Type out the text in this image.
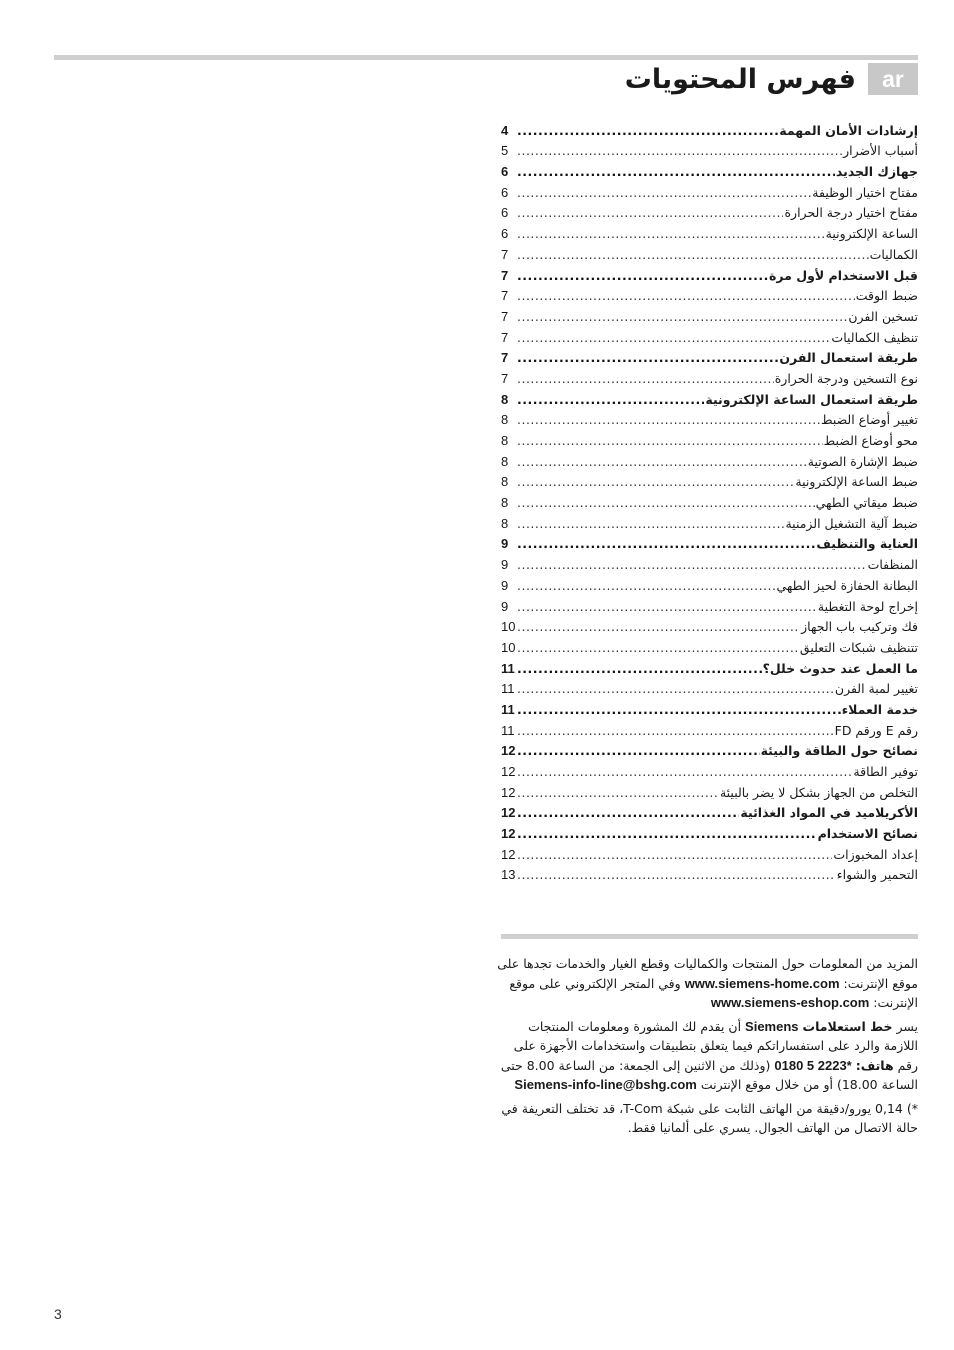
ar
فهرس المحتويات
إرشادات الأمان المهمة
.....
4
أسباب الأضرار
.....
5
جهازك الجديد
.....
6
مفتاح اختيار الوظيفة
.....
6
مفتاح اختيار درجة الحرارة
.....
6
الساعة الإلكترونية
.....
6
الكماليات
.....
7
قبل الاستخدام لأول مرة
.....
7
ضبط الوقت
.....
7
تسخين الفرن
.....
7
تنظيف الكماليات
.....
7
طريقة استعمال الفرن
.....
7
نوع التسخين ودرجة الحرارة
.....
7
طريقة استعمال الساعة الإلكترونية
.....
8
تغيير أوضاع الضبط
.....
8
محو أوضاع الضبط
.....
8
ضبط الإشارة الصوتية
.....
8
ضبط الساعة الإلكترونية
.....
8
ضبط ميقاتي الطهي
.....
8
ضبط آلية التشغيل الزمنية
.....
8
العناية والتنظيف
.....
9
المنظفات
.....
9
البطانة الحفازة لحيز الطهي
.....
9
إخراج لوحة التغطية
.....
9
فك وتركيب باب الجهاز
.....
10
تتنظيف شبكات التعليق
.....
10
ما العمل عند حدوث خلل؟
.....
11
تغيير لمبة الفرن
.....
11
خدمة العملاء
.....
11
رقم E ورقم FD
.....
11
نصائح حول الطاقة والبيئة
.....
12
توفير الطاقة
.....
12
التخلص من الجهاز بشكل لا يضر بالبيئة
.....
12
الأكريلاميد في المواد الغذائية
.....
12
نصائح الاستخدام
.....
12
إعداد المخبوزات
.....
12
التحمير والشواء
.....
13

المزيد من المعلومات حول المنتجات والكماليات وقطع الغيار والخدمات تجدها على موقع الإنترنت: www.siemens-home.com وفي المتجر الإلكتروني على موقع الإنترنت: www.siemens-eshop.com

يسر خط استعلامات Siemens أن يقدم لك المشورة ومعلومات المنتجات اللازمة والرد على استفساراتكم فيما يتعلق بتطبيقات واستخدامات الأجهزة على رقم هاتف: 0180 5 2223* (وذلك من الاثنين إلى الجمعة: من الساعة 8.00 حتى الساعة 18.00) أو من خلال موقع الإنترنت Siemens-info-line@bshg.com

*) 0,14 يورو/دقيقة من الهاتف الثابت على شبكة T-Com، قد تختلف التعريفة في حالة الاتصال من الهاتف الجوال. يسري على ألمانيا فقط.

3
